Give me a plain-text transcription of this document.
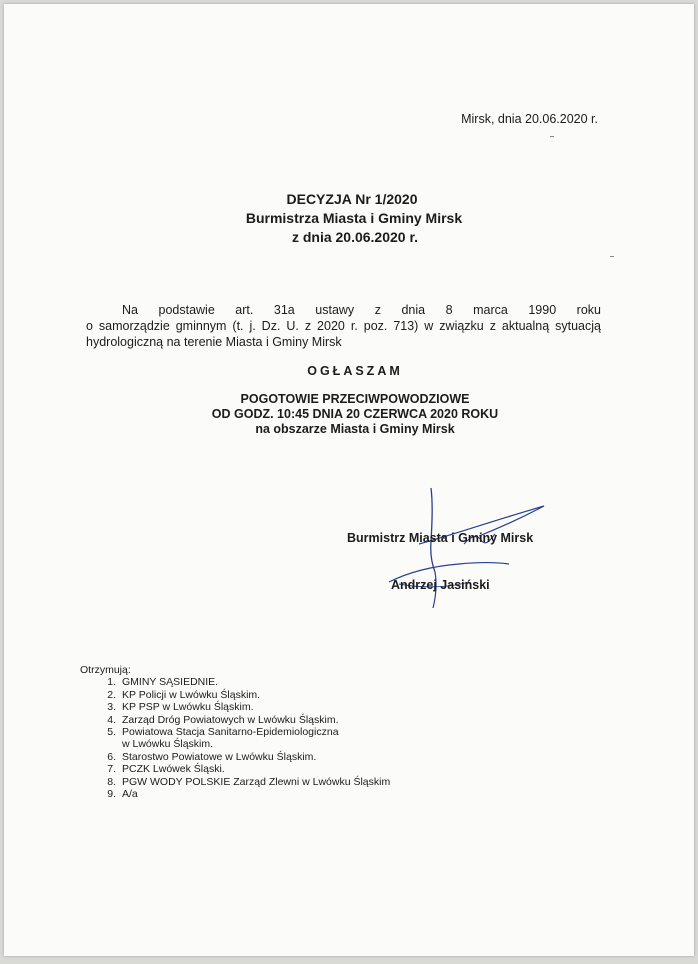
Mirsk, dnia 20.06.2020 r.
DECYZJA Nr 1/2020
Burmistrza Miasta i Gminy Mirsk
z dnia 20.06.2020 r.
Na podstawie art. 31a ustawy z dnia 8 marca 1990 roku
o samorządzie gminnym (t. j. Dz. U. z 2020 r. poz. 713) w związku z aktualną sytuacją
hydrologiczną na terenie Miasta i Gminy Mirsk
OGŁASZAM
POGOTOWIE PRZECIWPOWODZIOWE
OD GODZ. 10:45 DNIA 20 CZERWCA 2020 ROKU
na obszarze Miasta i Gminy Mirsk
Burmistrz Miasta i Gminy Mirsk
Andrzej Jasiński
Otrzymują:
1. GMINY SĄSIEDNIE.
2. KP Policji w Lwówku Śląskim.
3. KP PSP w Lwówku Śląskim.
4. Zarząd Dróg Powiatowych w Lwówku Śląskim.
5. Powiatowa Stacja Sanitarno-Epidemiologiczna
w Lwówku Śląskim.
6. Starostwo Powiatowe w Lwówku Śląskim.
7. PCZK Lwówek Śląski.
8. PGW WODY POLSKIE Zarząd Zlewni w Lwówku Śląskim
9. A/a
